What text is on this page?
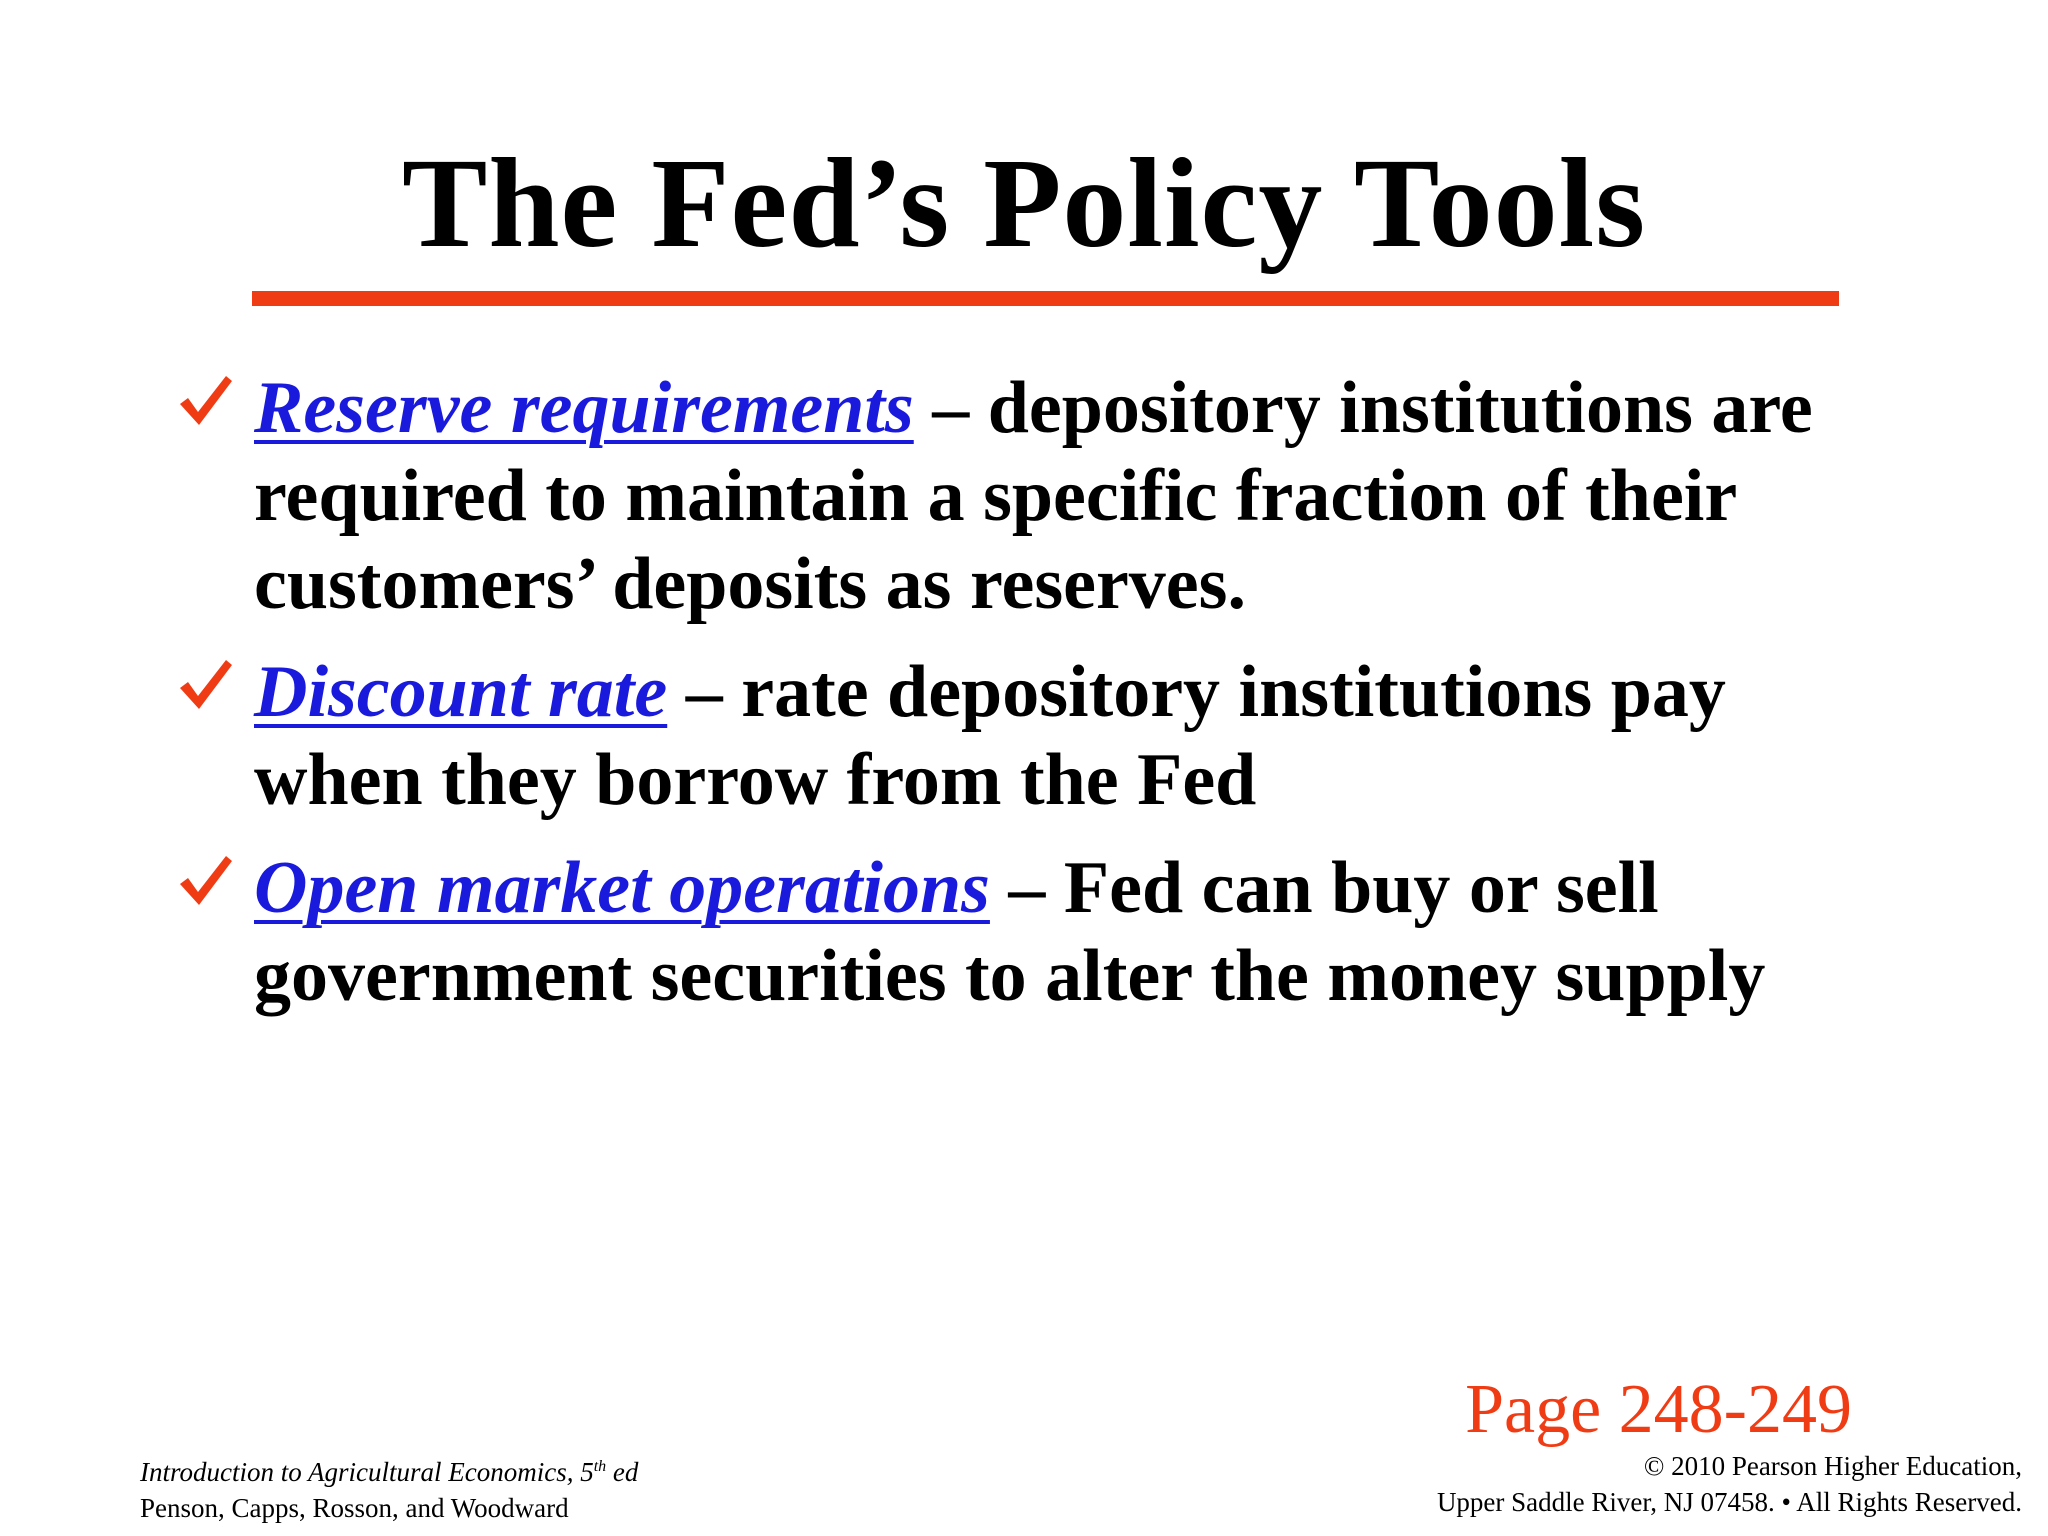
The Fed’s Policy Tools
Reserve requirements – depository institutions are required to maintain a specific fraction of their customers’ deposits as reserves.
Discount rate – rate depository institutions pay when they borrow from the Fed
Open market operations – Fed can buy or sell government securities to alter the money supply
Page 248-249
Introduction to Agricultural Economics, 5th ed
Penson, Capps, Rosson, and Woodward
© 2010 Pearson Higher Education,
Upper Saddle River, NJ 07458. • All Rights Reserved.
